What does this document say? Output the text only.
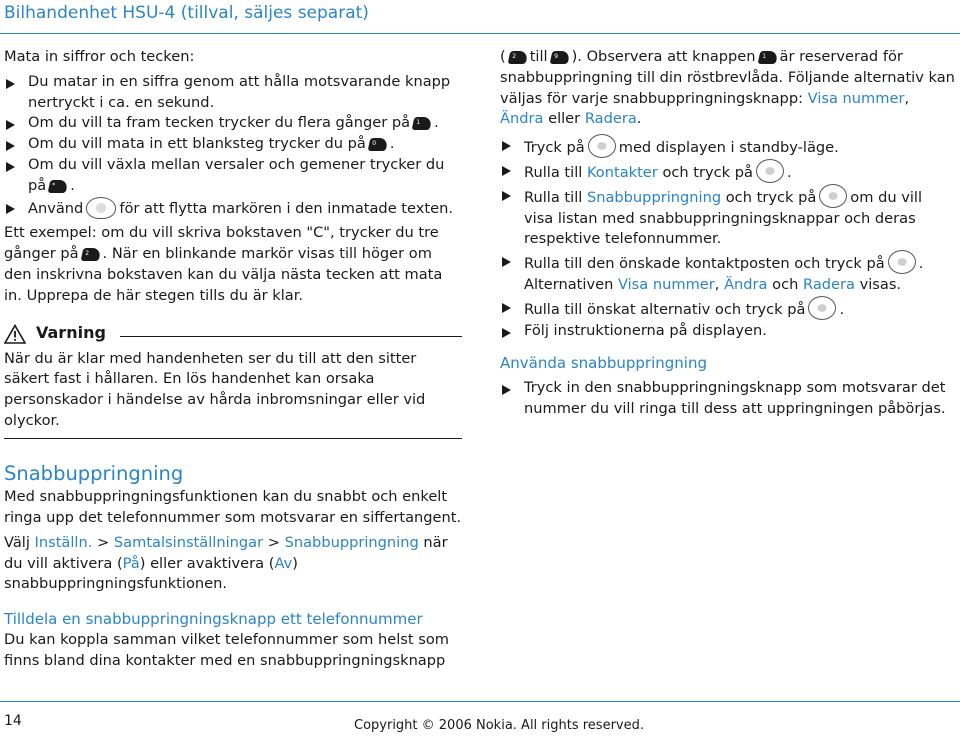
Bilhandenhet HSU-4 (tillval, säljes separat)

Mata in siffror och tecken:

Du matar in en siffra genom att hålla motsvarande knapp nertryckt i ca. en sekund.
Om du vill ta fram tecken trycker du flera gånger på 1 .
Om du vill mata in ett blanksteg trycker du på 0 .
Om du vill växla mellan versaler och gemener trycker du på * .
Använd för att flytta markören i den inmatade texten.

Ett exempel: om du vill skriva bokstaven "C", trycker du tre gånger på 2 . När en blinkande markör visas till höger om den inskrivna bokstaven kan du välja nästa tecken att mata in. Upprepa de här stegen tills du är klar.

Varning

När du är klar med handenheten ser du till att den sitter säkert fast i hållaren. En lös handenhet kan orsaka personskador i händelse av hårda inbromsningar eller vid olyckor.

Snabbuppringning

Med snabbuppringningsfunktionen kan du snabbt och enkelt ringa upp det telefonnummer som motsvarar en siffertangent.

Välj Inställn. > Samtalsinställningar > Snabbuppringning när du vill aktivera (På) eller avaktivera (Av) snabbuppringningsfunktionen.

Tilldela en snabbuppringningsknapp ett telefonnummer

Du kan koppla samman vilket telefonnummer som helst som finns bland dina kontakter med en snabbuppringningsknapp

( 2 till 9 ). Observera att knappen 1 är reserverad för snabbuppringning till din röstbrevlåda. Följande alternativ kan väljas för varje snabbuppringningsknapp: Visa nummer, Ändra eller Radera.

Tryck på med displayen i standby-läge.
Rulla till Kontakter och tryck på .
Rulla till Snabbuppringning och tryck på om du vill visa listan med snabbuppringningsknappar och deras respektive telefonnummer.
Rulla till den önskade kontaktposten och tryck på . Alternativen Visa nummer, Ändra och Radera visas.
Rulla till önskat alternativ och tryck på .
Följ instruktionerna på displayen.
Använda snabbuppringning
Tryck in den snabbuppringningsknapp som motsvarar det nummer du vill ringa till dess att uppringningen påbörjas.
14	Copyright © 2006 Nokia. All rights reserved.
